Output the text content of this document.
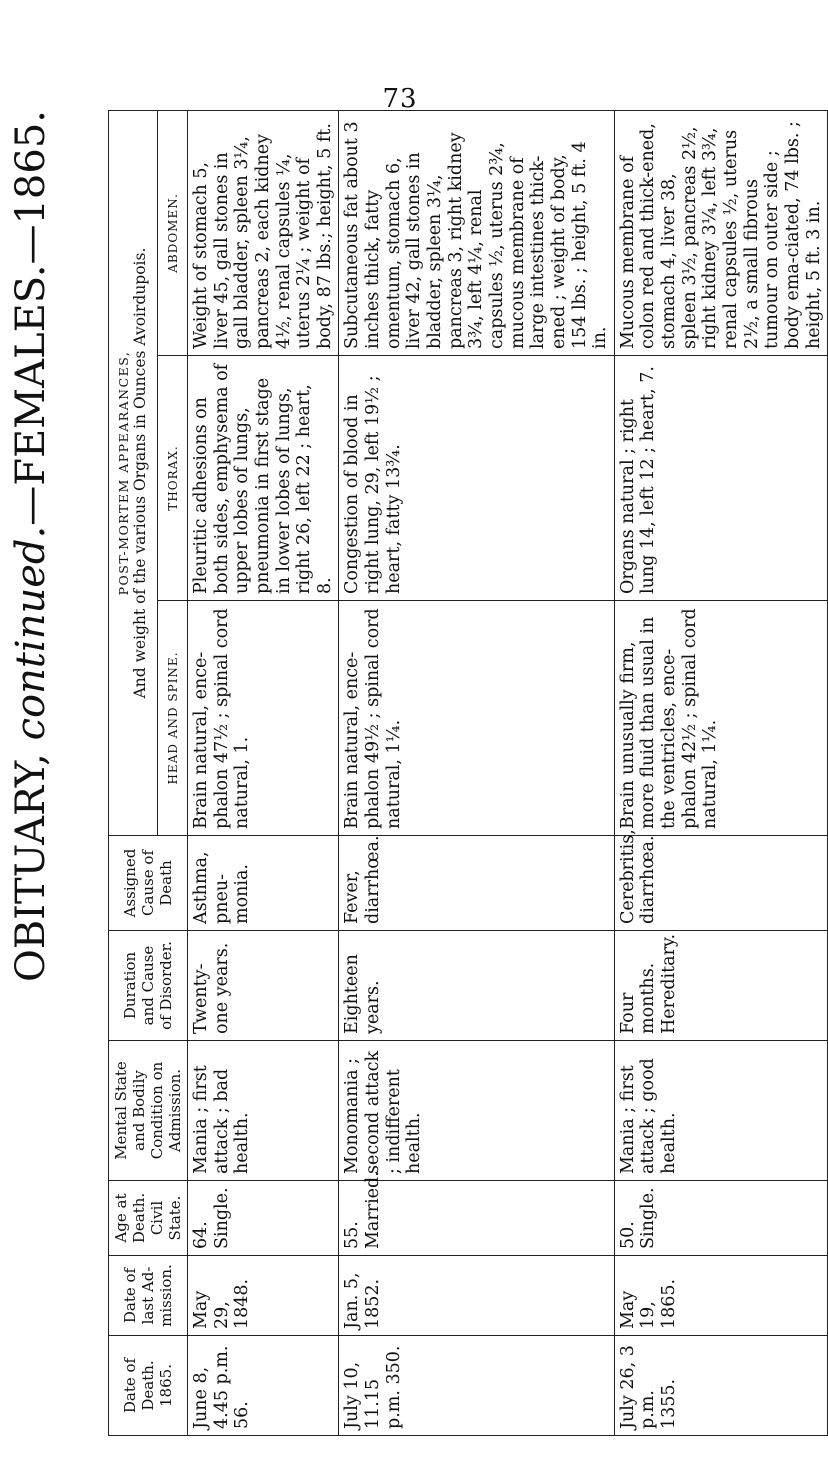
73
OBITUARY, continued.—FEMALES.—1865.
Date of Death. 1865.	Date of last Ad-mission.	Age at Death. Civil State.	Mental State and Bodily Condition on Admission.	Duration and Cause of Disorder.	Assigned Cause of Death	POST-MORTEM APPEARANCES, And weight of the various Organs in Ounces Avoirdupois.		

						HEAD AND SPINE.	THORAX.	ABDOMEN.
June 8, 4.45 p.m. 56.	May 29, 1848.	64. Single.	Mania ; first attack ; bad health.	Twenty-one years.	Asthma, pneu-monia.	Brain natural, ence-phalon 47½ ; spinal cord natural, 1.	Pleuritic adhesions on both sides, emphysema of upper lobes of lungs, pneumonia in first stage in lower lobes of lungs, right 26, left 22 ; heart, 8.	Weight of stomach 5, liver 45, gall stones in gall bladder, spleen 3¼, pancreas 2, each kidney 4½, renal capsules ¼, uterus 2¼ ; weight of body, 87 lbs.; height, 5 ft.
July 10, 11.15 p.m. 350.	Jan. 5, 1852.	55. Married.	Monomania ; second attack ; indifferent health.	Eighteen years.	Fever, diarrhœa.	Brain natural, ence-phalon 49½ ; spinal cord natural, 1¼.	Congestion of blood in right lung, 29, left 19½ ; heart, fatty 13¾.	Subcutaneous fat about 3 inches thick, fatty omentum, stomach 6, liver 42, gall stones in bladder, spleen 3¼, pancreas 3, right kidney 3¾, left 4¼, renal capsules ½, uterus 2¾, mucous membrane of large intestines thick-ened ; weight of body, 154 lbs. ; height, 5 ft. 4 in.
July 26, 3 p.m. 1355.	May 19, 1865.	50. Single.	Mania ; first attack ; good health.	Four months. Hereditary.	Cerebritis, diarrhœa.	Brain unusually firm, more fluid than usual in the ventricles, ence-phalon 42½ ; spinal cord natural, 1¼.	Organs natural ; right lung 14, left 12 ; heart, 7.	Mucous membrane of colon red and thick-ened, stomach 4, liver 38, spleen 3½, pancreas 2½, right kidney 3¼, left 3¾, renal capsules ½, uterus 2½, a small fibrous tumour on outer side ; body ema-ciated, 74 lbs. ; height, 5 ft. 3 in.
